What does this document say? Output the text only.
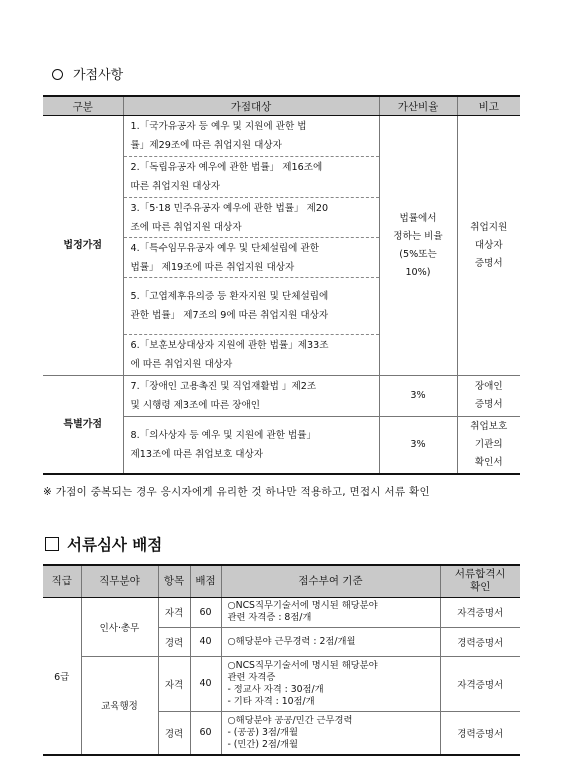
가점사항
구분	가점대상	가산비율	비고
법정가점	1.「국가유공자 등 예우 및 지원에 관한 법
률」제29조에 따른 취업지원 대상자	법률에서
정하는 비율
(5%또는
10%)	취업지원
대상자
증명서

	2.「독립유공자 예우에 관한 법률」 제16조에
따른 취업지원 대상자		

	3.「5·18 민주유공자 예우에 관한 법률」 제20
조에 따른 취업지원 대상자		

	4.「특수임무유공자 예우 및 단체설립에 관한
법률」 제19조에 따른 취업지원 대상자		

	5.「고엽제후유의증 등 환자지원 및 단체설립에
관한 법률」 제7조의 9에 따른 취업지원 대상자		

	6.「보훈보상대상자 지원에 관한 법률」제33조
에 따른 취업지원 대상자		

특별가점	7.「장애인 고용촉진 및 직업재활법 」제2조
및 시행령 제3조에 따른 장애인	3%	장애인
증명서

	8.「의사상자 등 예우 및 지원에 관한 법률」
제13조에 따른 취업보호 대상자	3%	취업보호
기관의
확인서
※ 가점이 중복되는 경우 응시자에게 유리한 것 하나만 적용하고, 면접시 서류 확인
서류심사 배점
직급	직무분야	항목	배점	점수부여 기준	서류합격시
확인

6급	인사·총무	자격	60	○NCS직무기술서에 명시된 해당분야
관련 자격증 : 8점/개	자격증명서
		경력	40	○해당분야 근무경력 : 2점/개월	경력증명서
	교육행정	자격	40	○NCS직무기술서에 명시된 해당분야
관련 자격증
- 정교사 자격 : 30점/개
- 기타 자격 : 10점/개	자격증명서
		경력	60	○해당분야 공공/민간 근무경력
- (공공) 3점/개월
- (민간) 2점/개월	경력증명서
